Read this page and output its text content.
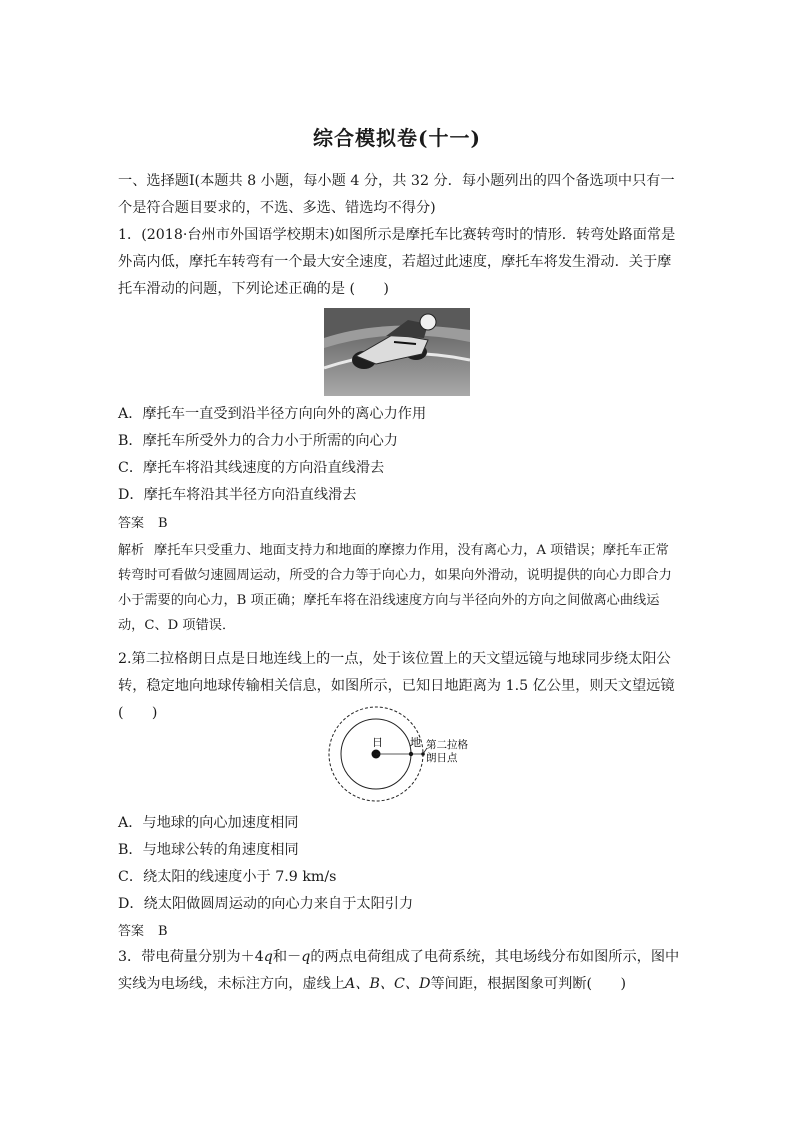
综合模拟卷(十一)

一、选择题Ⅰ(本题共 8 小题，每小题 4 分，共 32 分．每小题列出的四个备选项中只有一个是符合题目要求的，不选、多选、错选均不得分)

1．(2018·台州市外国语学校期末)如图所示是摩托车比赛转弯时的情形．转弯处路面常是外高内低，摩托车转弯有一个最大安全速度，若超过此速度，摩托车将发生滑动．关于摩托车滑动的问题，下列论述正确的是 (　　)

A．摩托车一直受到沿半径方向向外的离心力作用
B．摩托车所受外力的合力小于所需的向心力
C．摩托车将沿其线速度的方向沿直线滑去
D．摩托车将沿其半径方向沿直线滑去
答案 B

解析 摩托车只受重力、地面支持力和地面的摩擦力作用，没有离心力，A 项错误；摩托车正常转弯时可看做匀速圆周运动，所受的合力等于向心力，如果向外滑动，说明提供的向心力即合力小于需要的向心力，B 项正确；摩托车将在沿线速度方向与半径向外的方向之间做离心曲线运动，C、D 项错误．

2.第二拉格朗日点是日地连线上的一点，处于该位置上的天文望远镜与地球同步绕太阳公转，稳定地向地球传输相关信息，如图所示，已知日地距离为 1.5 亿公里，则天文望远镜(　　)

日 地 第二拉格
朗日点
A．与地球的向心加速度相同
B．与地球公转的角速度相同
C．绕太阳的线速度小于 7.9 km/s
D．绕太阳做圆周运动的向心力来自于太阳引力
答案 B

3．带电荷量分别为＋4q和－q的两点电荷组成了电荷系统，其电场线分布如图所示，图中实线为电场线，未标注方向，虚线上A、B、C、D等间距，根据图象可判断(　　)
